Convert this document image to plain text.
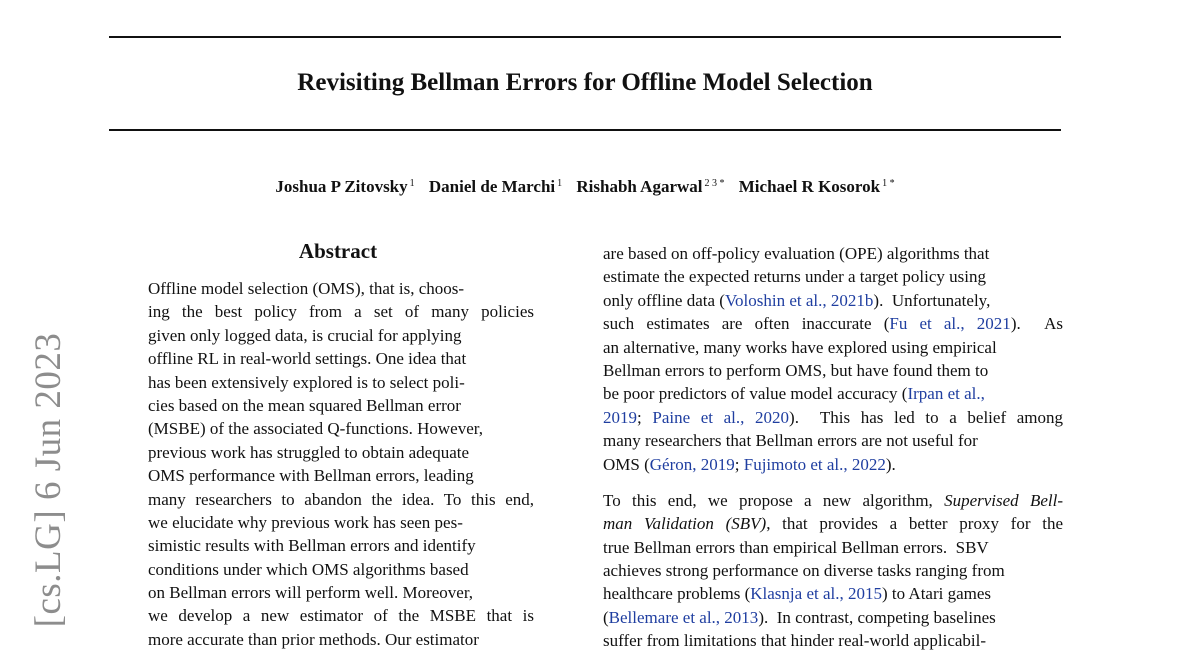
Revisiting Bellman Errors for Offline Model Selection
Joshua P Zitovsky $^1$ Daniel de Marchi $^1$ Rishabh Agarwal $^{2 3 *}$ Michael R Kosorok $^{1 *}$
[cs.LG] 6 Jun 2023
Abstract
Offline model selection (OMS), that is, choos-
ing the best policy from a set of many policies
given only logged data, is crucial for applying
offline RL in real-world settings. One idea that
has been extensively explored is to select poli-
cies based on the mean squared Bellman error
(MSBE) of the associated Q-functions. However,
previous work has struggled to obtain adequate
OMS performance with Bellman errors, leading
many researchers to abandon the idea. To this end,
we elucidate why previous work has seen pes-
simistic results with Bellman errors and identify
conditions under which OMS algorithms based
on Bellman errors will perform well. Moreover,
we develop a new estimator of the MSBE that is
more accurate than prior methods. Our estimator
are based on off-policy evaluation (OPE) algorithms that
estimate the expected returns under a target policy using
only offline data (Voloshin et al., 2021b).  Unfortunately,
such estimates are often inaccurate (Fu et al., 2021).  As
an alternative, many works have explored using empirical
Bellman errors to perform OMS, but have found them to
be poor predictors of value model accuracy (Irpan et al.,
2019; Paine et al., 2020).  This has led to a belief among
many researchers that Bellman errors are not useful for
OMS (Géron, 2019; Fujimoto et al., 2022).
To this end, we propose a new algorithm, Supervised Bell-
man Validation (SBV), that provides a better proxy for the
true Bellman errors than empirical Bellman errors.  SBV
achieves strong performance on diverse tasks ranging from
healthcare problems (Klasnja et al., 2015) to Atari games
(Bellemare et al., 2013).  In contrast, competing baselines
suffer from limitations that hinder real-world applicabil-
